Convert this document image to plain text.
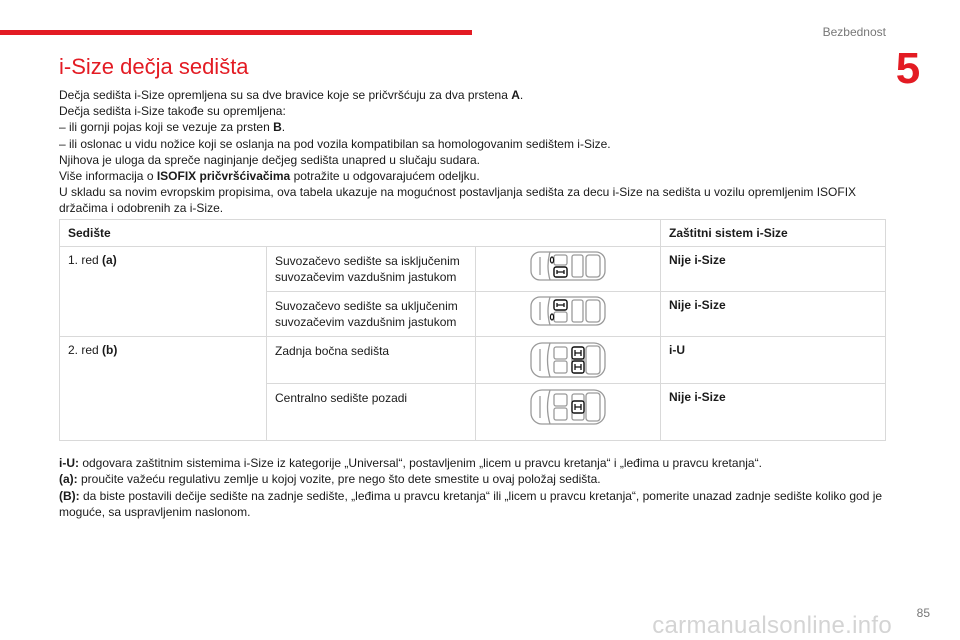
Bezbednost
5
i-Size dečja sedišta

Dečja sedišta i-Size opremljena su sa dve bravice koje se pričvršćuju za dva prstena A.

Dečja sedišta i-Size takođe su opremljena:

– ili gornji pojas koji se vezuje za prsten B.

– ili oslonac u vidu nožice koji se oslanja na pod vozila kompatibilan sa homologovanim sedištem i-Size.

Njihova je uloga da spreče naginjanje dečjeg sedišta unapred u slučaju sudara.

Više informacija o ISOFIX pričvršćivačima potražite u odgovarajućem odeljku.

U skladu sa novim evropskim propisima, ova tabela ukazuje na mogućnost postavljanja sedišta za decu i-Size na sedišta u vozilu opremljenim ISOFIX držačima i odobrenih za i-Size.

Sedište			Zaštitni sistem i-Size
1. red (a)	Suvozačevo sedište sa isključenim suvozačevim vazdušnim jastukom		Nije i-Size
	Suvozačevo sedište sa uključenim suvozačevim vazdušnim jastukom		Nije i-Size
2. red (b)	Zadnja bočna sedišta		i-U
	Centralno sedište pozadi		Nije i-Size

i-U: odgovara zaštitnim sistemima i-Size iz kategorije „Universal“, postavljenim „licem u pravcu kretanja“ i „leđima u pravcu kretanja“.

(a): proučite važeću regulativu zemlje u kojoj vozite, pre nego što dete smestite u ovaj položaj sedišta.

(B): da biste postavili dečije sedište na zadnje sedište, „leđima u pravcu kretanja“ ili „licem u pravcu kretanja“, pomerite unazad zadnje sedište koliko god je moguće, sa uspravljenim naslonom.

carmanualsonline.info 85
